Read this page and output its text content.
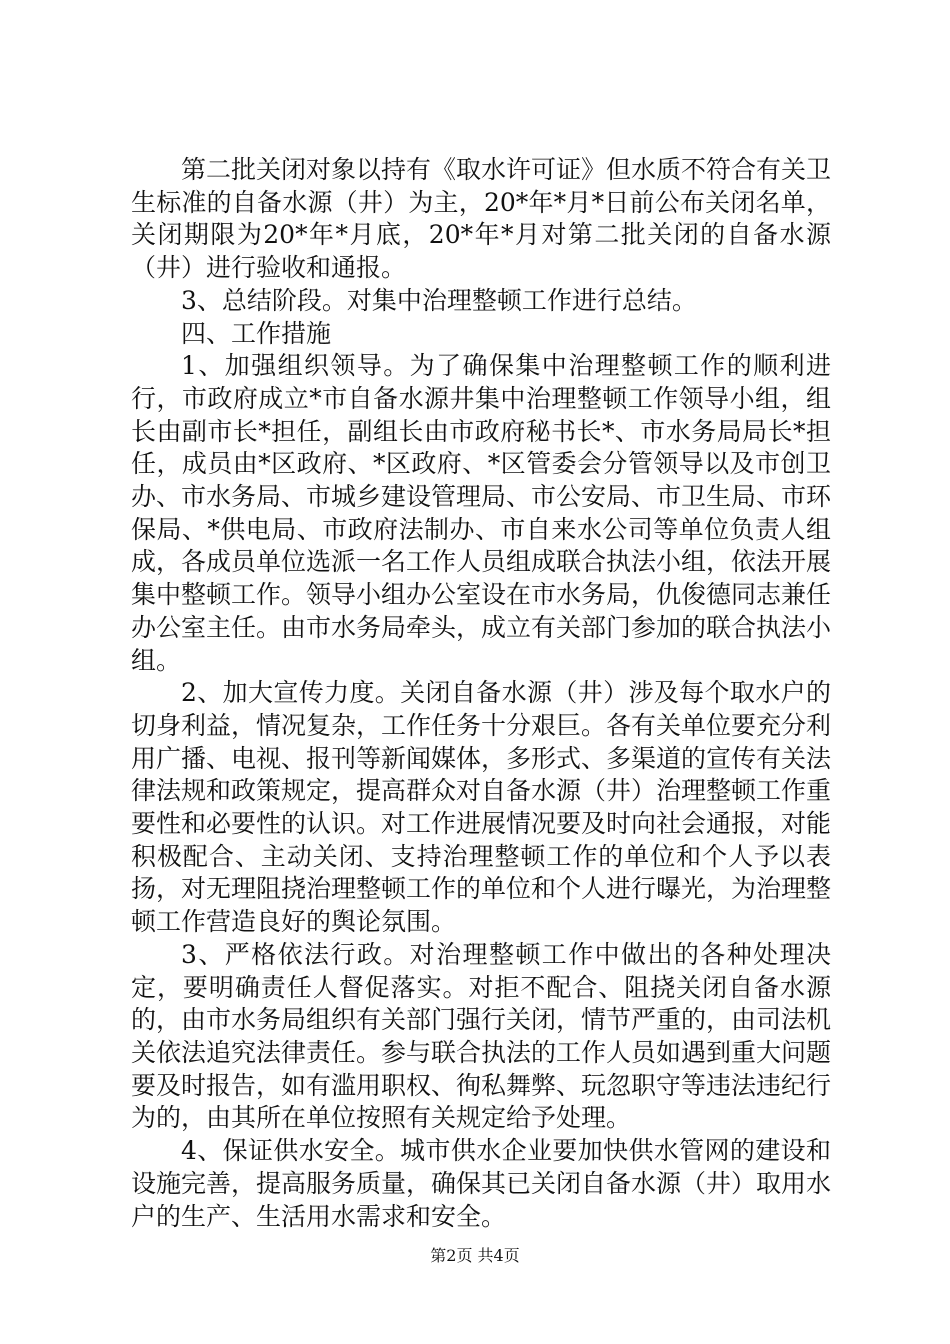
第二批关闭对象以持有《取水许可证》但水质不符合有关卫生标准的自备水源（井）为主，20*年*月*日前公布关闭名单，关闭期限为20*年*月底，20*年*月对第二批关闭的自备水源（井）进行验收和通报。

3、总结阶段。对集中治理整顿工作进行总结。

四、工作措施

1、加强组织领导。为了确保集中治理整顿工作的顺利进行，市政府成立*市自备水源井集中治理整顿工作领导小组，组长由副市长*担任，副组长由市政府秘书长*、市水务局局长*担任，成员由*区政府、*区政府、*区管委会分管领导以及市创卫办、市水务局、市城乡建设管理局、市公安局、市卫生局、市环保局、*供电局、市政府法制办、市自来水公司等单位负责人组成，各成员单位选派一名工作人员组成联合执法小组，依法开展集中整顿工作。领导小组办公室设在市水务局，仇俊德同志兼任办公室主任。由市水务局牵头，成立有关部门参加的联合执法小组。

2、加大宣传力度。关闭自备水源（井）涉及每个取水户的切身利益，情况复杂，工作任务十分艰巨。各有关单位要充分利用广播、电视、报刊等新闻媒体，多形式、多渠道的宣传有关法律法规和政策规定，提高群众对自备水源（井）治理整顿工作重要性和必要性的认识。对工作进展情况要及时向社会通报，对能积极配合、主动关闭、支持治理整顿工作的单位和个人予以表扬，对无理阻挠治理整顿工作的单位和个人进行曝光，为治理整顿工作营造良好的舆论氛围。

3、严格依法行政。对治理整顿工作中做出的各种处理决定，要明确责任人督促落实。对拒不配合、阻挠关闭自备水源的，由市水务局组织有关部门强行关闭，情节严重的，由司法机关依法追究法律责任。参与联合执法的工作人员如遇到重大问题要及时报告，如有滥用职权、徇私舞弊、玩忽职守等违法违纪行为的，由其所在单位按照有关规定给予处理。

4、保证供水安全。城市供水企业要加快供水管网的建设和设施完善，提高服务质量，确保其已关闭自备水源（井）取用水户的生产、生活用水需求和安全。

第2页 共4页
